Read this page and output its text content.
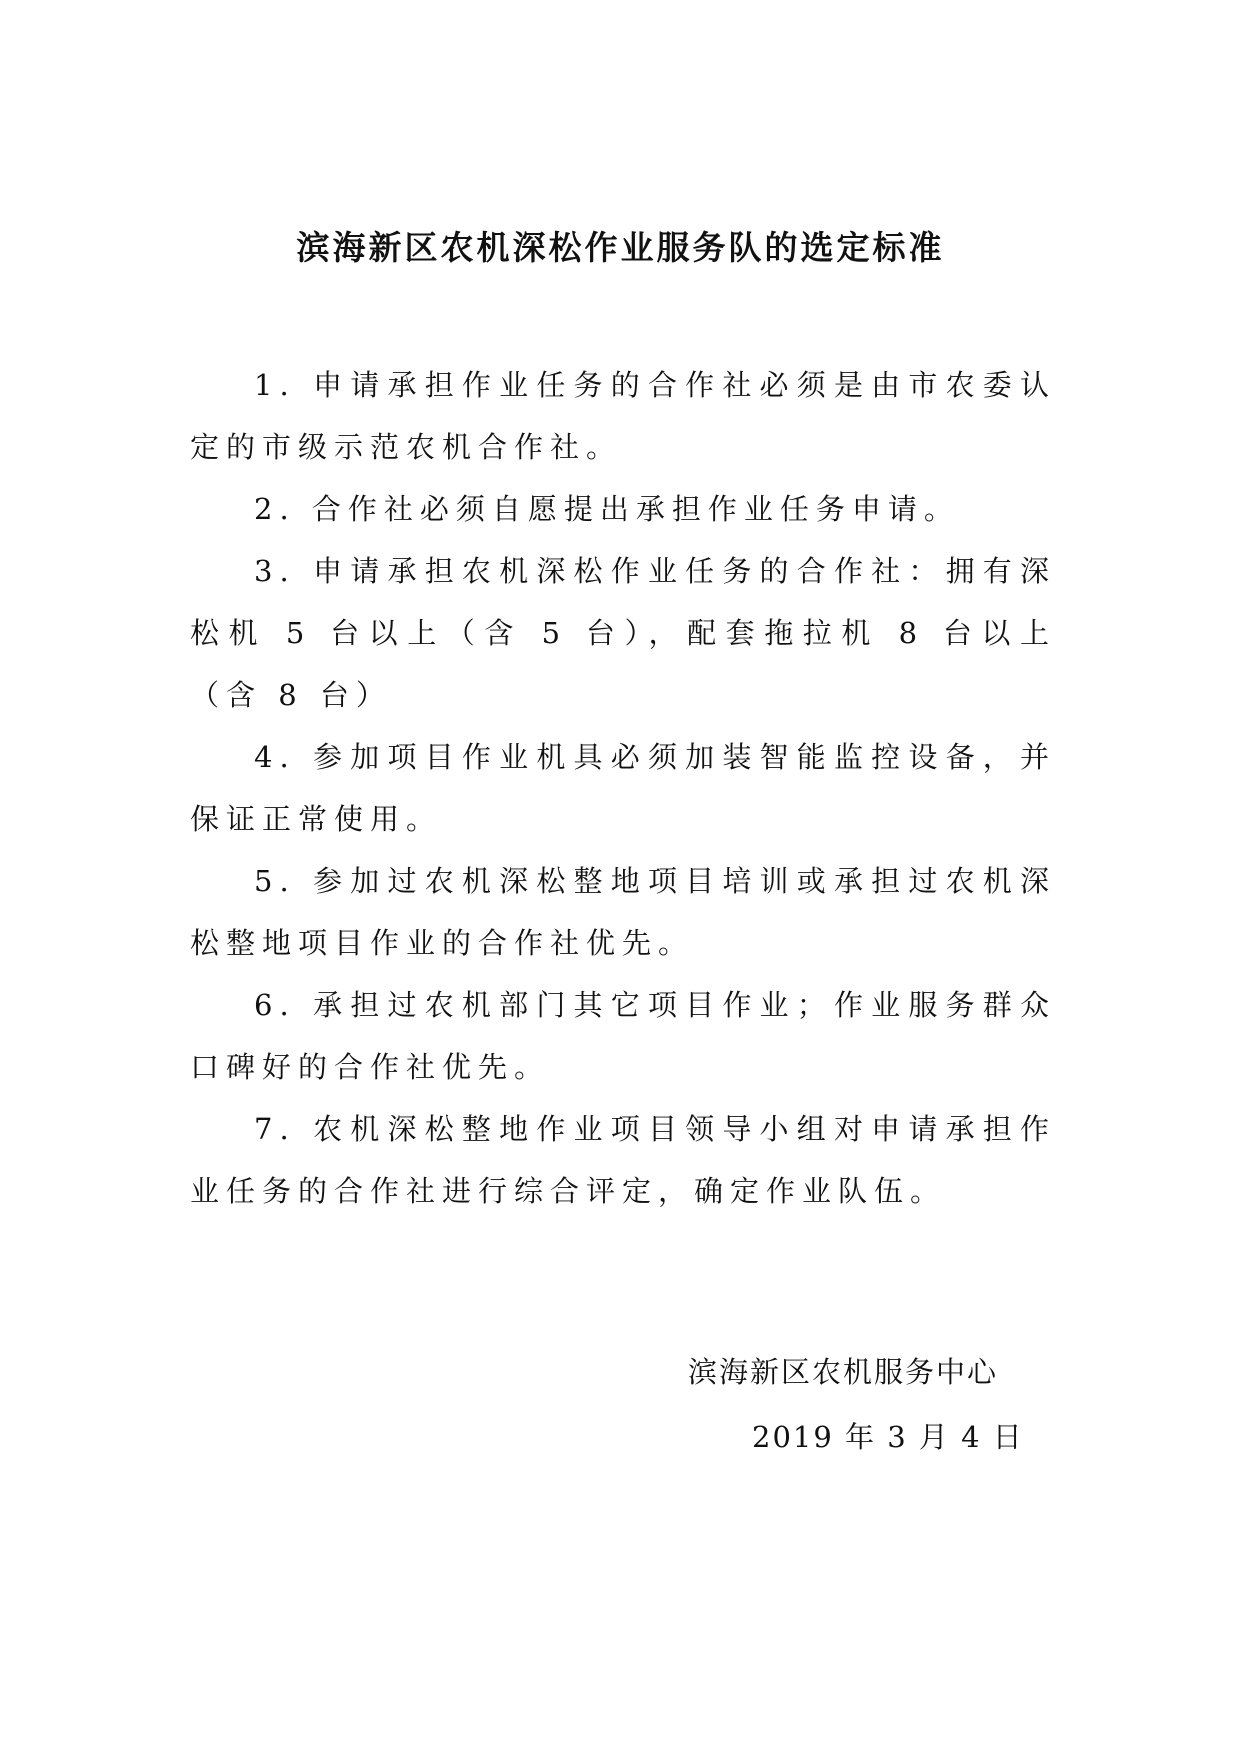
滨海新区农机深松作业服务队的选定标准

1. 申请承担作业任务的合作社必须是由市农委认定的市级示范农机合作社。

2. 合作社必须自愿提出承担作业任务申请。

3. 申请承担农机深松作业任务的合作社：拥有深松机 5 台以上（含 5 台），配套拖拉机 8 台以上（含 8 台）

4. 参加项目作业机具必须加装智能监控设备，并保证正常使用。

5. 参加过农机深松整地项目培训或承担过农机深松整地项目作业的合作社优先。

6. 承担过农机部门其它项目作业；作业服务群众口碑好的合作社优先。

7. 农机深松整地作业项目领导小组对申请承担作业任务的合作社进行综合评定，确定作业队伍。

滨海新区农机服务中心

2019 年 3 月 4 日
